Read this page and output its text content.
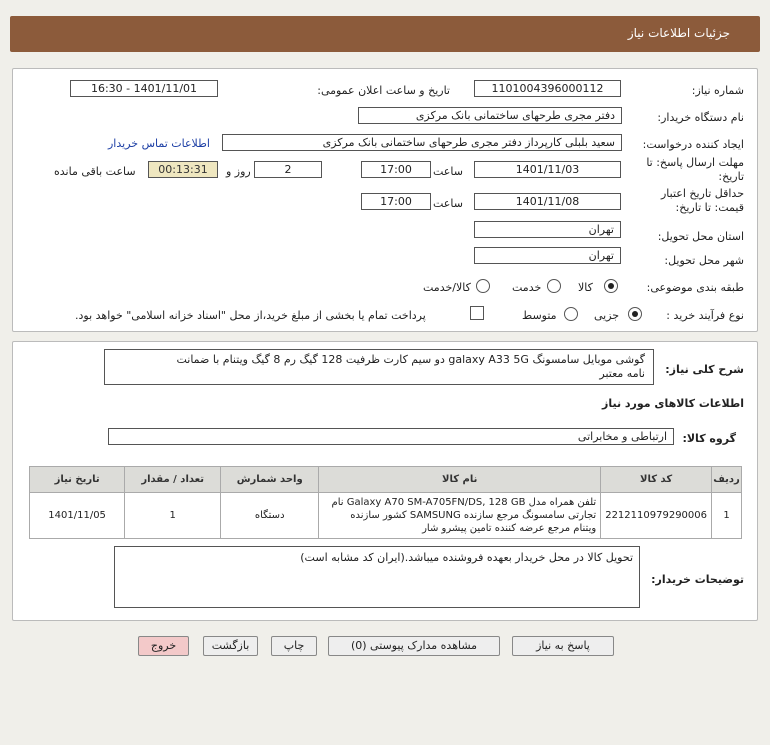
جزئیات اطلاعات نیاز
شماره نیاز:
1101004396000112
تاریخ و ساعت اعلان عمومی:
1401/11/01 - 16:30
نام دستگاه خریدار:
دفتر مجری طرحهای ساختمانی بانک مرکزی
ایجاد کننده درخواست:
سعید بلبلی کارپرداز دفتر مجری طرحهای ساختمانی بانک مرکزی
اطلاعات تماس خریدار
مهلت ارسال پاسخ: تا
تاریخ:
1401/11/03
ساعت
17:00
2
روز و
00:13:31
ساعت باقی مانده
حداقل تاریخ اعتبار
قیمت: تا تاریخ:
1401/11/08
ساعت
17:00
استان محل تحویل:
تهران
شهر محل تحویل:
تهران
طبقه بندی موضوعی:
کالا
خدمت
کالا/خدمت
نوع فرآیند خرید :
جزیی
متوسط
پرداخت تمام یا بخشی از مبلغ خرید،از محل "اسناد خزانه اسلامی" خواهد بود.
شرح کلی نیاز:
گوشی موبایل سامسونگ galaxy A33 5G دو سیم کارت ظرفیت 128 گیگ رم 8 گیگ ویتنام با ضمانت
نامه معتبر
اطلاعات کالاهای مورد نیاز
گروه کالا:
ارتباطی و مخابراتی
ردیف	کد کالا	نام کالا	واحد شمارش	تعداد / مقدار	تاریخ نیاز
1	2212110979290006	تلفن همراه مدل Galaxy A70 SM-A705FN/DS, 128 GB نام
تجارتی سامسونگ مرجع سازنده SAMSUNG کشور سازنده
ویتنام مرجع عرضه کننده تامین پیشرو شار	دستگاه	1	1401/11/05
توضیحات خریدار:
تحویل کالا در محل خریدار بعهده فروشنده میباشد.(ایران کد مشابه است)
پاسخ به نیاز
مشاهده مدارک پیوستی (0)
چاپ
بازگشت
خروج
